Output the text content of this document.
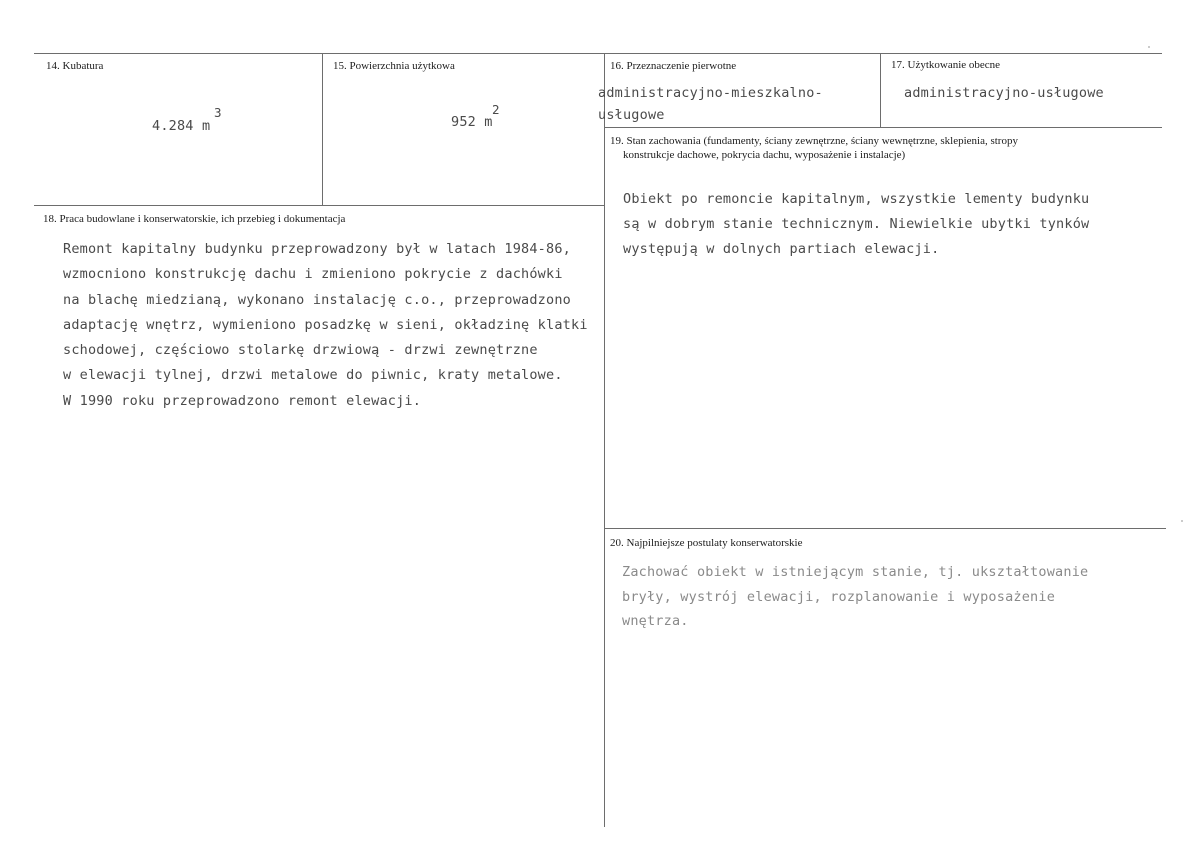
14. Kubatura
4.284 m
3
15. Powierzchnia użytkowa
952 m
2
16. Przeznaczenie pierwotne
administracyjno-mieszkalno-
usługowe
17. Użytkowanie obecne
administracyjno-usługowe
18. Praca budowlane i konserwatorskie, ich przebieg i dokumentacja
Remont kapitalny budynku przeprowadzony był w latach 1984-86,
wzmocniono konstrukcję dachu i zmieniono pokrycie z dachówki
na blachę miedzianą, wykonano instalację c.o., przeprowadzono
adaptację wnętrz, wymieniono posadzkę w sieni, okładzinę klatki
schodowej, częściowo stolarkę drzwiową - drzwi zewnętrzne
w elewacji tylnej, drzwi metalowe do piwnic, kraty metalowe.
W 1990 roku przeprowadzono remont elewacji.
19. Stan zachowania (fundamenty, ściany zewnętrzne, ściany wewnętrzne, sklepienia, stropy
konstrukcje dachowe, pokrycia dachu, wyposażenie i instalacje)
Obiekt po remoncie kapitalnym, wszystkie lementy budynku
są w dobrym stanie technicznym. Niewielkie ubytki tynków
występują w dolnych partiach elewacji.
20. Najpilniejsze postulaty konserwatorskie
Zachować obiekt w istniejącym stanie, tj. ukształtowanie
bryły, wystrój elewacji, rozplanowanie i wyposażenie
wnętrza.
